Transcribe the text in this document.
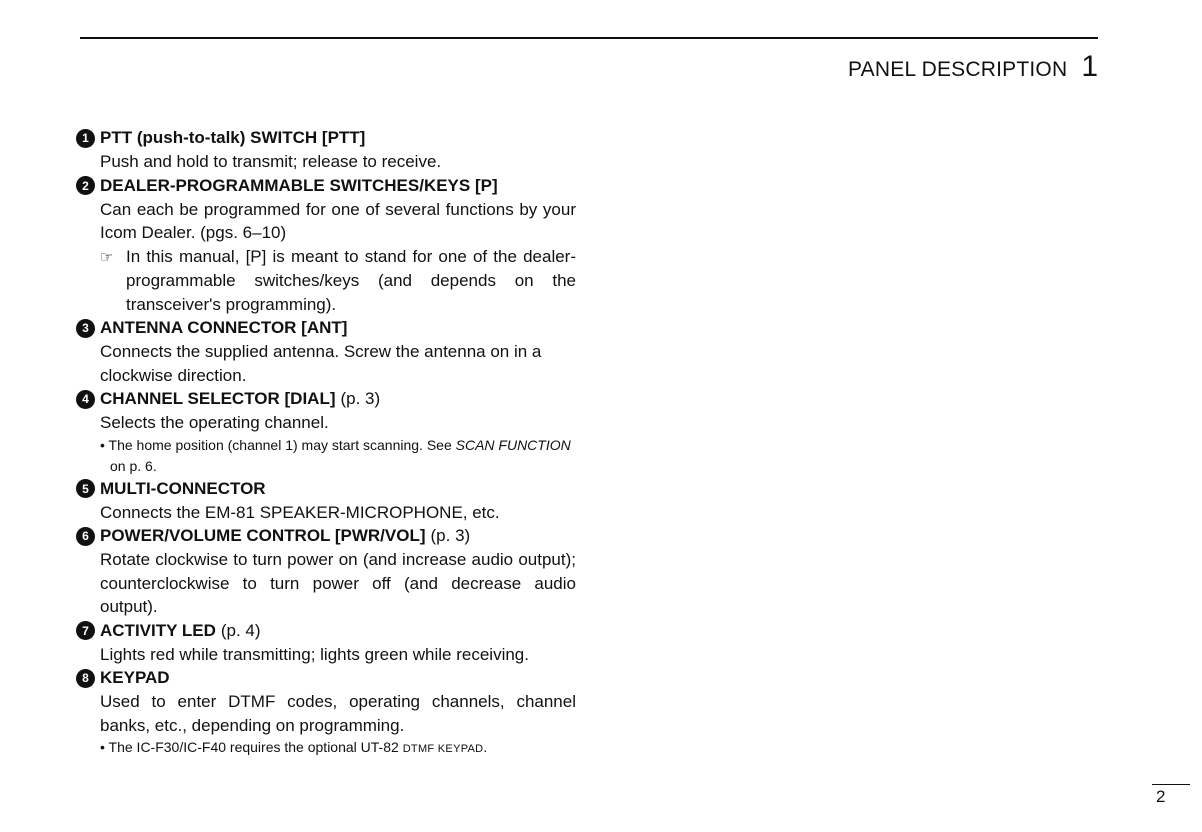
PANEL DESCRIPTION 1
1 PTT (push-to-talk) SWITCH [PTT]
Push and hold to transmit; release to receive.
2 DEALER-PROGRAMMABLE SWITCHES/KEYS [P]
Can each be programmed for one of several functions by your Icom Dealer. (pgs. 6–10)
☞ In this manual, [P] is meant to stand for one of the dealer-programmable switches/keys (and depends on the transceiver's programming).
3 ANTENNA CONNECTOR [ANT]
Connects the supplied antenna. Screw the antenna on in a clockwise direction.
4 CHANNEL SELECTOR [DIAL] (p. 3)
Selects the operating channel.
• The home position (channel 1) may start scanning. See SCAN FUNCTION on p. 6.
5 MULTI-CONNECTOR
Connects the EM-81 SPEAKER-MICROPHONE, etc.
6 POWER/VOLUME CONTROL [PWR/VOL] (p. 3)
Rotate clockwise to turn power on (and increase audio output); counterclockwise to turn power off (and decrease audio output).
7 ACTIVITY LED (p. 4)
Lights red while transmitting; lights green while receiving.
8 KEYPAD
Used to enter DTMF codes, operating channels, channel banks, etc., depending on programming.
• The IC-F30/IC-F40 requires the optional UT-82 DTMF KEYPAD.
2
